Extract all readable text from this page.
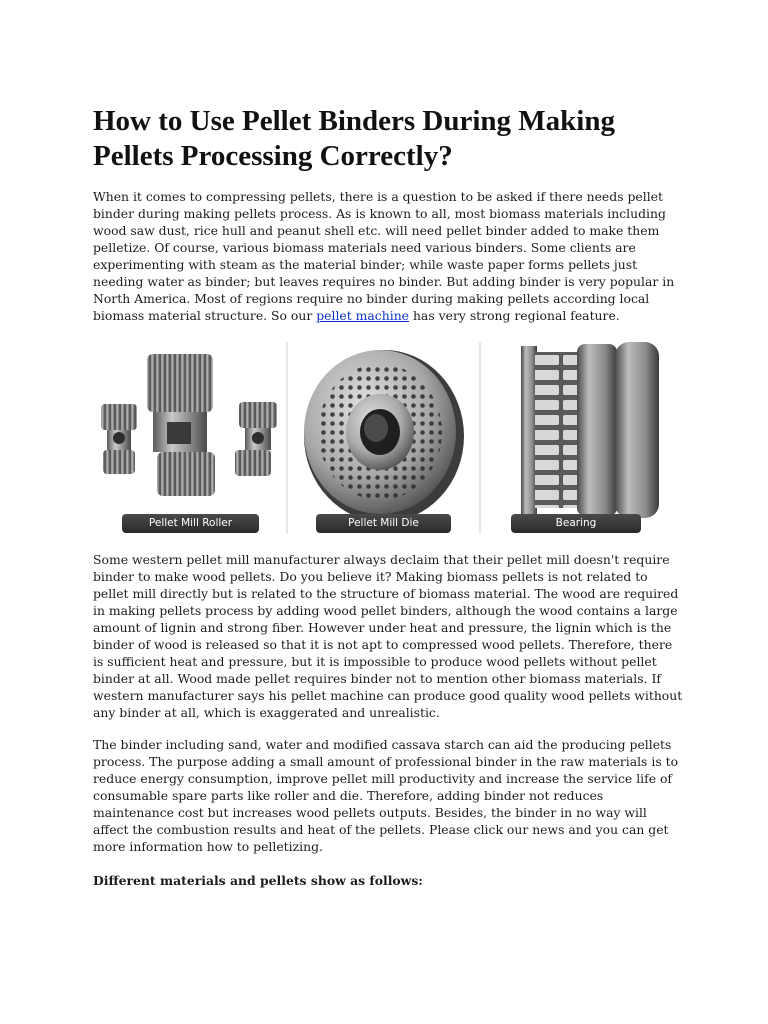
How to Use Pellet Binders During Making Pellets Processing Correctly?

When it comes to compressing pellets, there is a question to be asked if there needs pellet binder during making pellets process. As is known to all, most biomass materials including wood saw dust, rice hull and peanut shell etc. will need pellet binder added to make them pelletize. Of course, various biomass materials need various binders. Some clients are experimenting with steam as the material binder; while waste paper forms pellets just needing water as binder; but leaves requires no binder. But adding binder is very popular in North America. Most of regions require no binder during making pellets according local biomass material structure. So our pellet machine has very strong regional feature.

Pellet Mill Roller	Pellet Mill Die	Bearing

Some western pellet mill manufacturer always declaim that their pellet mill doesn't require binder to make wood pellets. Do you believe it? Making biomass pellets is not related to pellet mill directly but is related to the structure of biomass material. The wood are required in making pellets process by adding wood pellet binders, although the wood contains a large amount of lignin and strong fiber. However under heat and pressure, the lignin which is the binder of wood is released so that it is not apt to compressed wood pellets. Therefore, there is sufficient heat and pressure, but it is impossible to produce wood pellets without pellet binder at all. Wood made pellet requires binder not to mention other biomass materials. If western manufacturer says his pellet machine can produce good quality wood pellets without any binder at all, which is exaggerated and unrealistic.

The binder including sand, water and modified cassava starch can aid the producing pellets process. The purpose adding a small amount of professional binder in the raw materials is to reduce energy consumption, improve pellet mill productivity and increase the service life of consumable spare parts like roller and die. Therefore, adding binder not reduces maintenance cost but increases wood pellets outputs. Besides, the binder in no way will affect the combustion results and heat of the pellets. Please click our news and you can get more information how to pelletizing.

Different materials and pellets show as follows:
